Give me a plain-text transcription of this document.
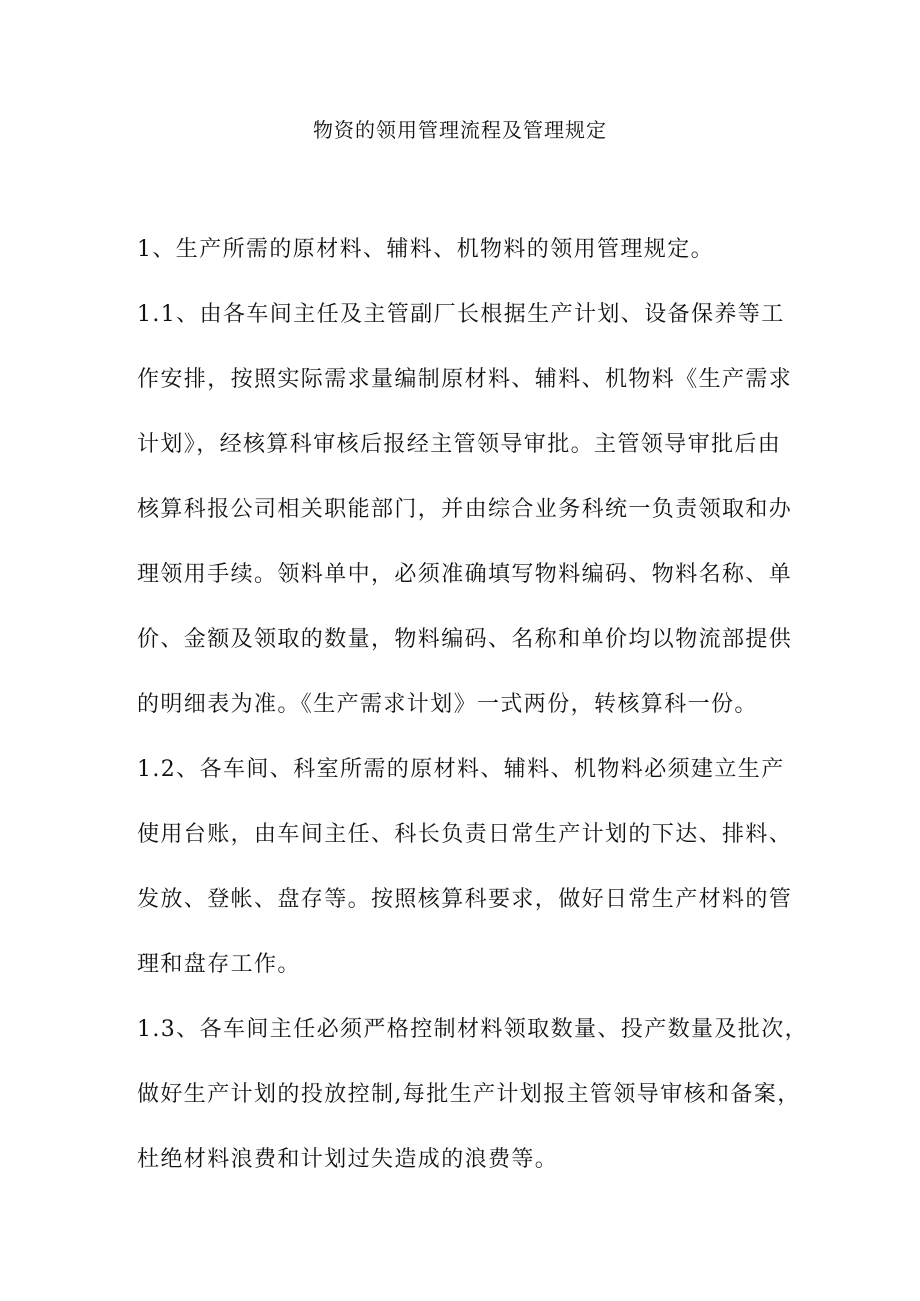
物资的领用管理流程及管理规定
1、生产所需的原材料、辅料、机物料的领用管理规定。
1.1、由各车间主任及主管副厂长根据生产计划、设备保养等工
作安排，按照实际需求量编制原材料、辅料、机物料《生产需求
计划》，经核算科审核后报经主管领导审批。主管领导审批后由
核算科报公司相关职能部门，并由综合业务科统一负责领取和办
理领用手续。领料单中，必须准确填写物料编码、物料名称、单
价、金额及领取的数量，物料编码、名称和单价均以物流部提供
的明细表为准。《生产需求计划》一式两份，转核算科一份。
1.2、各车间、科室所需的原材料、辅料、机物料必须建立生产
使用台账，由车间主任、科长负责日常生产计划的下达、排料、
发放、登帐、盘存等。按照核算科要求，做好日常生产材料的管
理和盘存工作。
1.3、各车间主任必须严格控制材料领取数量、投产数量及批次，
做好生产计划的投放控制,每批生产计划报主管领导审核和备案，
杜绝材料浪费和计划过失造成的浪费等。
